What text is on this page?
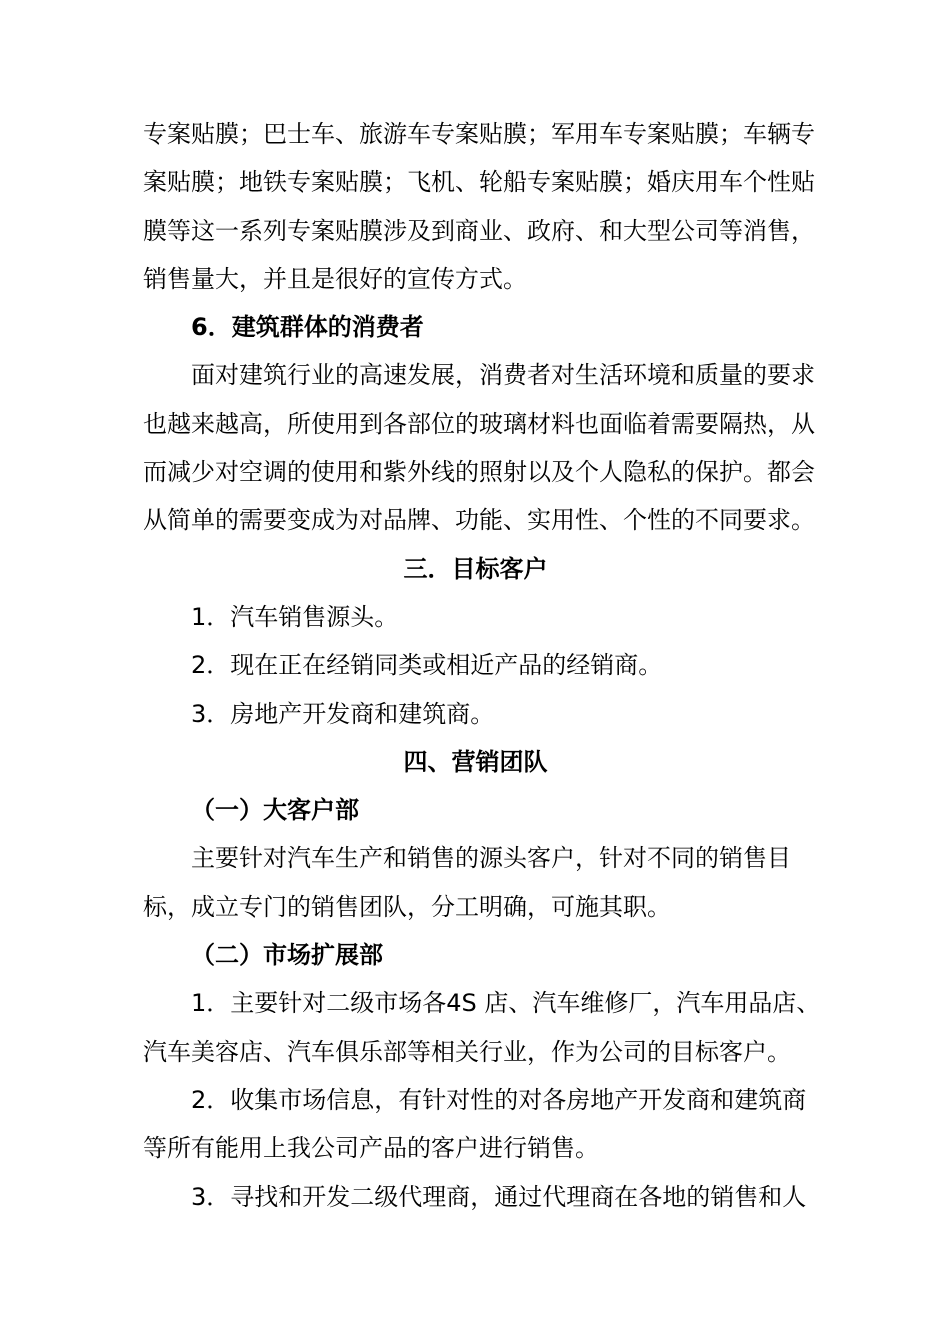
专案贴膜；巴士车、旅游车专案贴膜；军用车专案贴膜；车辆专
案贴膜；地铁专案贴膜；飞机、轮船专案贴膜；婚庆用车个性贴
膜等这一系列专案贴膜涉及到商业、政府、和大型公司等消售，
销售量大，并且是很好的宣传方式。
6．建筑群体的消费者
面对建筑行业的高速发展，消费者对生活环境和质量的要求
也越来越高，所使用到各部位的玻璃材料也面临着需要隔热，从
而减少对空调的使用和紫外线的照射以及个人隐私的保护。都会
从简单的需要变成为对品牌、功能、实用性、个性的不同要求。
三．目标客户
1．汽车销售源头。
2．现在正在经销同类或相近产品的经销商。
3．房地产开发商和建筑商。
四、营销团队
（一）大客户部
主要针对汽车生产和销售的源头客户，针对不同的销售目
标，成立专门的销售团队，分工明确，可施其职。
（二）市场扩展部
1．主要针对二级市场各4S 店、汽车维修厂，汽车用品店、
汽车美容店、汽车俱乐部等相关行业，作为公司的目标客户。
2．收集市场信息，有针对性的对各房地产开发商和建筑商
等所有能用上我公司产品的客户进行销售。
3．寻找和开发二级代理商，通过代理商在各地的销售和人
